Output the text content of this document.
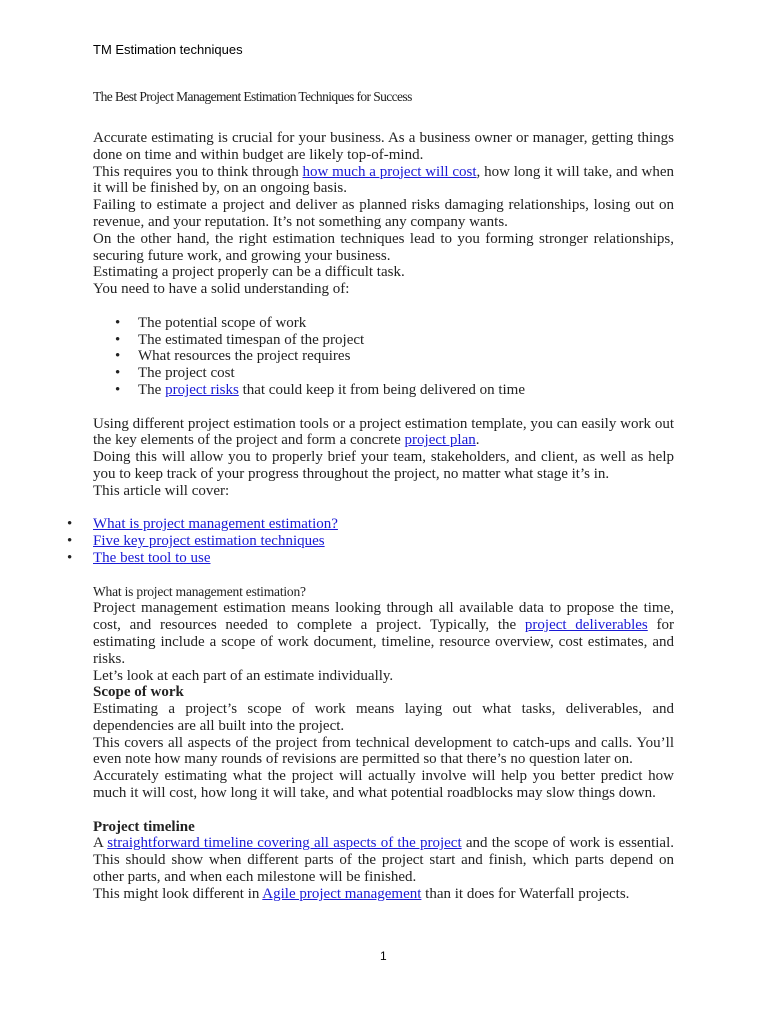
TM Estimation techniques
The Best Project Management Estimation Techniques for Success

Accurate estimating is crucial for your business. As a business owner or manager, getting things done on time and within budget are likely top-of-mind.

This requires you to think through how much a project will cost, how long it will take, and when it will be finished by, on an ongoing basis.

Failing to estimate a project and deliver as planned risks damaging relationships, losing out on revenue, and your reputation. It’s not something any company wants.

On the other hand, the right estimation techniques lead to you forming stronger relationships, securing future work, and growing your business.

Estimating a project properly can be a difficult task.

You need to have a solid understanding of:

• The potential scope of work
• The estimated timespan of the project
• What resources the project requires
• The project cost
• The project risks that could keep it from being delivered on time

Using different project estimation tools or a project estimation template, you can easily work out the key elements of the project and form a concrete project plan.

Doing this will allow you to properly brief your team, stakeholders, and client, as well as help you to keep track of your progress throughout the project, no matter what stage it’s in.

This article will cover:

• What is project management estimation?
• Five key project estimation techniques
• The best tool to use

What is project management estimation?

Project management estimation means looking through all available data to propose the time, cost, and resources needed to complete a project. Typically, the project deliverables for estimating include a scope of work document, timeline, resource overview, cost estimates, and risks.

Let’s look at each part of an estimate individually.

Scope of work

Estimating a project’s scope of work means laying out what tasks, deliverables, and dependencies are all built into the project.

This covers all aspects of the project from technical development to catch-ups and calls. You’ll even note how many rounds of revisions are permitted so that there’s no question later on.

Accurately estimating what the project will actually involve will help you better predict how much it will cost, how long it will take, and what potential roadblocks may slow things down.

Project timeline

A straightforward timeline covering all aspects of the project and the scope of work is essential. This should show when different parts of the project start and finish, which parts depend on other parts, and when each milestone will be finished.

This might look different in Agile project management than it does for Waterfall projects.

1
